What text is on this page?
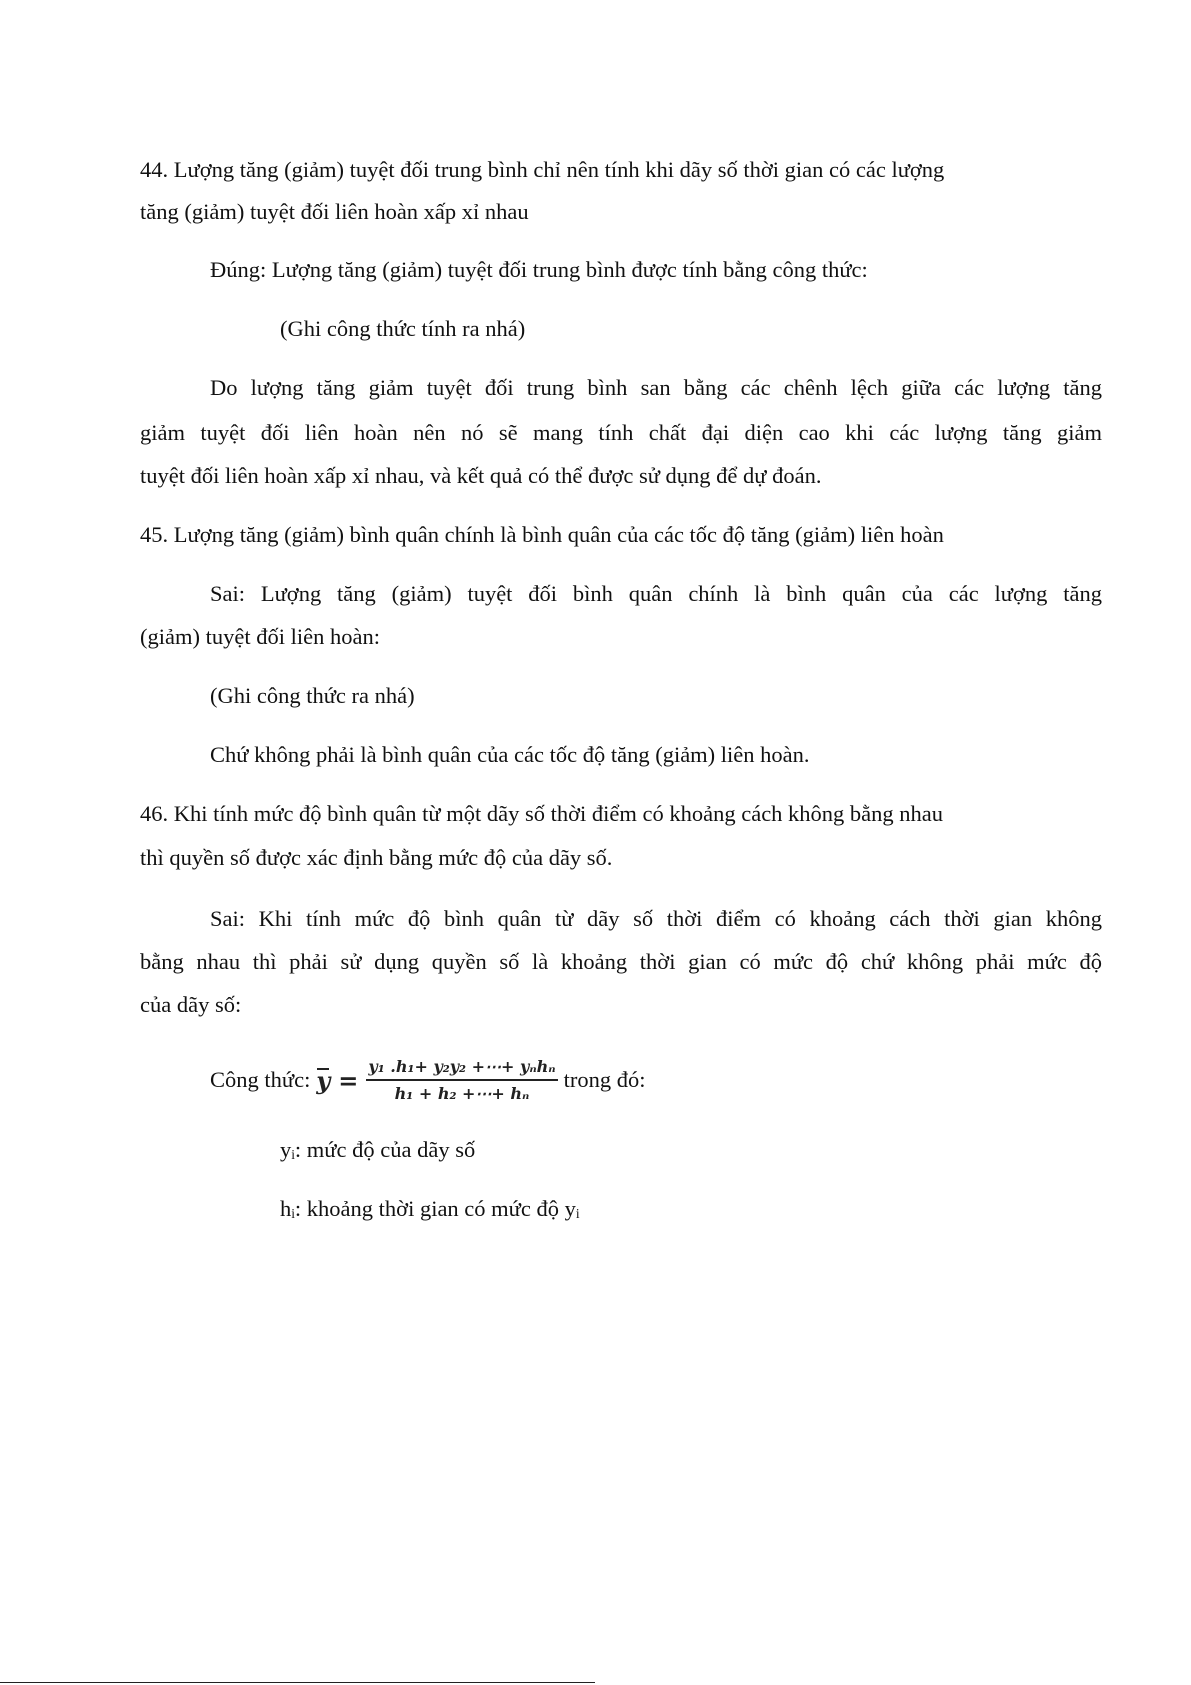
44. Lượng tăng (giảm) tuyệt đối trung bình chỉ nên tính khi dãy số thời gian có các lượng
tăng (giảm) tuyệt đối liên hoàn xấp xỉ nhau
Đúng: Lượng tăng (giảm) tuyệt đối trung bình được tính bằng công thức:
(Ghi công thức tính ra nhá)
Do lượng tăng giảm tuyệt đối trung bình san bằng các chênh lệch giữa các lượng tăng
giảm tuyệt đối liên hoàn nên nó sẽ mang tính chất đại diện cao khi các lượng tăng giảm
tuyệt đối liên hoàn xấp xỉ nhau, và kết quả có thể được sử dụng để dự đoán.
45. Lượng tăng (giảm) bình quân chính là bình quân của các tốc độ tăng (giảm) liên hoàn
Sai: Lượng tăng (giảm) tuyệt đối bình quân chính là bình quân của các lượng tăng
(giảm) tuyệt đối liên hoàn:
(Ghi công thức ra nhá)
Chứ không phải là bình quân của các tốc độ tăng (giảm) liên hoàn.
46. Khi tính mức độ bình quân từ một dãy số thời điểm có khoảng cách không bằng nhau
thì quyền số được xác định bằng mức độ của dãy số.
Sai: Khi tính mức độ bình quân từ dãy số thời điểm có khoảng cách thời gian không
bằng nhau thì phải sử dụng quyền số là khoảng thời gian có mức độ chứ không phải mức độ
của dãy số:
Công thức: $y = \frac{\text{y₁ .h₁+ y₂y₂ +⋯+ yₙhₙ}}{\text{h₁ + h₂ +⋯+ hₙ}}$ trong đó:
yᵢ: mức độ của dãy số
hᵢ: khoảng thời gian có mức độ yᵢ
